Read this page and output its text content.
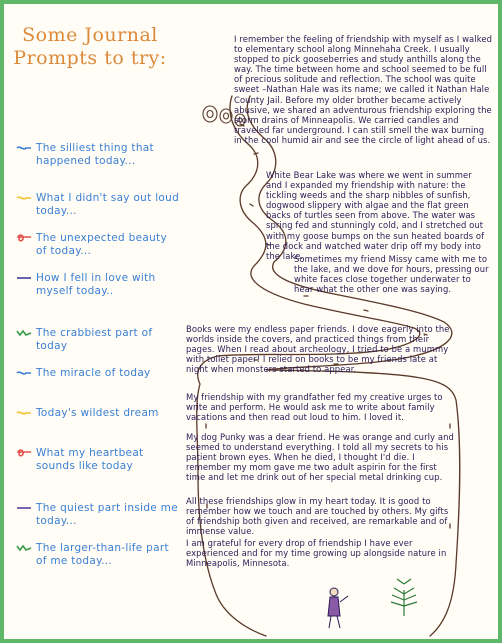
Some Journal Prompts to try:
The silliest thing that happened today...
What I didn't say out loud today...
The unexpected beauty of today...
How I fell in love with myself today..
The crabbiest part of today
The miracle of today
Today's wildest dream
What my heartbeat sounds like today
The quiest part inside me today...
The larger-than-life part of me today...

I remember the feeling of friendship with myself as I walked to elementary school along Minnehaha Creek. I usually stopped to pick gooseberries and study anthills along the way. The time between home and school seemed to be full of precious solitude and reflection. The school was quite sweet –Nathan Hale was its name; we called it Nathan Hale County Jail. Before my older brother became actively abusive, we shared an adventurous friendship exploring the storm drains of Minneapolis. We carried candles and traveled far underground. I can still smell the wax burning in the cool humid air and see the circle of light ahead of us.

White Bear Lake was where we went in summer and I expanded my friendship with nature: the tickling weeds and the sharp nibbles of sunfish, dogwood slippery with algae and the flat green backs of turtles seen from above. The water was spring fed and stunningly cold, and I stretched out with my goose bumps on the sun heated boards of the dock and watched water drip off my body into the lake.

Sometimes my friend Missy came with me to the lake, and we dove for hours, pressing our white faces close together underwater to hear what the other one was saying.

Books were my endless paper friends. I dove eagerly into the worlds inside the covers, and practiced things from their pages. When I read about archeology, I tried to be a mummy with toilet paper! I relied on books to be my friends late at night when monsters started to appear.

My friendship with my grandfather fed my creative urges to write and perform. He would ask me to write about family vacations and then read out loud to him. I loved it.

My dog Punky was a dear friend. He was orange and curly and seemed to understand everything. I told all my secrets to his patient brown eyes. When he died, I thought I'd die. I remember my mom gave me two adult aspirin for the first time and let me drink out of her special metal drinking cup.

All these friendships glow in my heart today. It is good to remember how we touch and are touched by others. My gifts of friendship both given and received, are remarkable and of immense value.

I am grateful for every drop of friendship I have ever experienced and for my time growing up alongside nature in Minneapolis, Minnesota.
